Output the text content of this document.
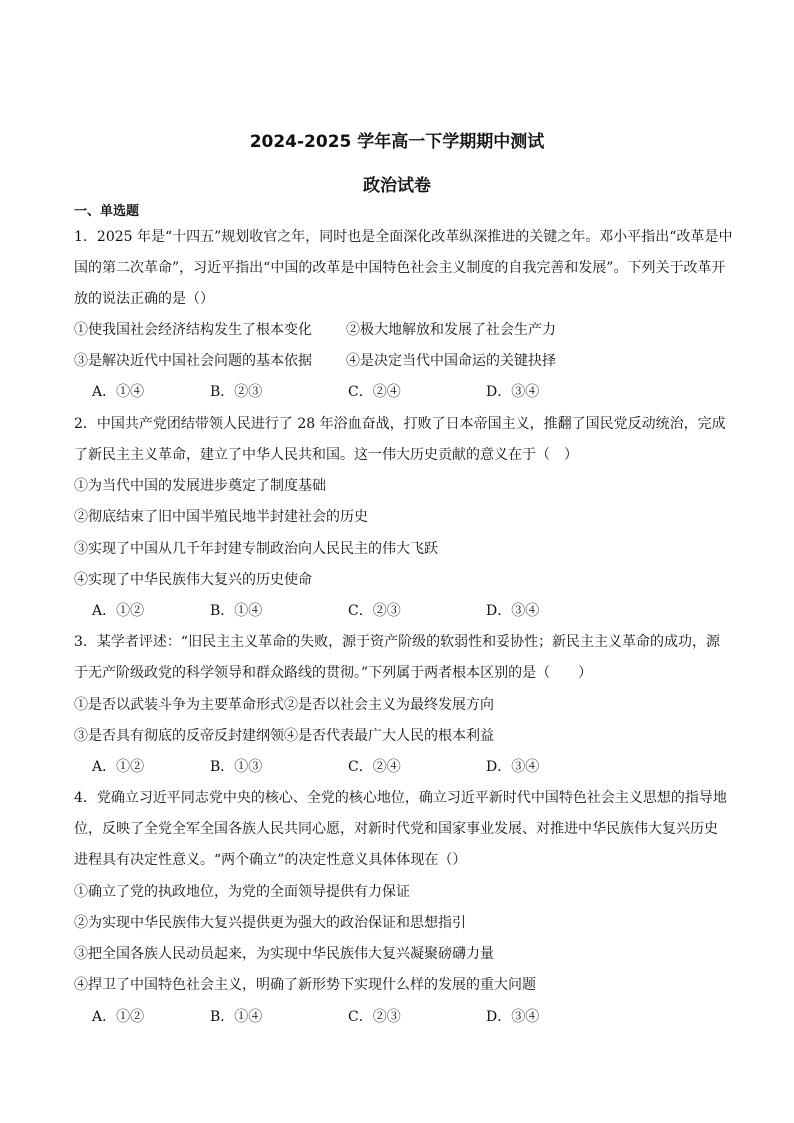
2024-2025 学年高一下学期期中测试
政治试卷
一、单选题
1．2025 年是“十四五”规划收官之年，同时也是全面深化改革纵深推进的关键之年。邓小平指出“改革是中
国的第二次革命”，习近平指出“中国的改革是中国特色社会主义制度的自我完善和发展”。下列关于改革开
放的说法正确的是（）
①使我国社会经济结构发生了根本变化	②极大地解放和发展了社会生产力
③是解决近代中国社会问题的基本依据	④是决定当代中国命运的关键抉择
A．①④	B．②③	C．②④	D．③④
2．中国共产党团结带领人民进行了 28 年浴血奋战，打败了日本帝国主义，推翻了国民党反动统治，完成
了新民主主义革命，建立了中华人民共和国。这一伟大历史贡献的意义在于（　）
①为当代中国的发展进步奠定了制度基础
②彻底结束了旧中国半殖民地半封建社会的历史
③实现了中国从几千年封建专制政治向人民民主的伟大飞跃
④实现了中华民族伟大复兴的历史使命
A．①②	B．①④	C．②③	D．③④
3．某学者评述：“旧民主主义革命的失败，源于资产阶级的软弱性和妥协性；新民主主义革命的成功，源
于无产阶级政党的科学领导和群众路线的贯彻。”下列属于两者根本区别的是（　　）
①是否以武装斗争为主要革命形式②是否以社会主义为最终发展方向
③是否具有彻底的反帝反封建纲领④是否代表最广大人民的根本利益
A．①②	B．①③	C．②④	D．③④
4．党确立习近平同志党中央的核心、全党的核心地位，确立习近平新时代中国特色社会主义思想的指导地
位，反映了全党全军全国各族人民共同心愿，对新时代党和国家事业发展、对推进中华民族伟大复兴历史
进程具有决定性意义。“两个确立”的决定性意义具体体现在（）
①确立了党的执政地位，为党的全面领导提供有力保证
②为实现中华民族伟大复兴提供更为强大的政治保证和思想指引
③把全国各族人民动员起来，为实现中华民族伟大复兴凝聚磅礴力量
④捍卫了中国特色社会主义，明确了新形势下实现什么样的发展的重大问题
A．①②	B．①④	C．②③	D．③④
